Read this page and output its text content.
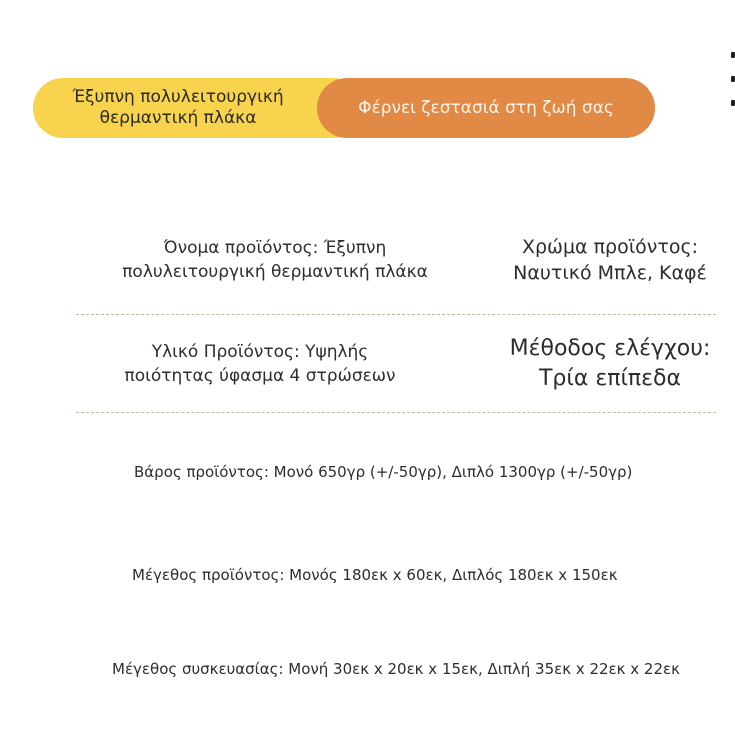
Έξυπνη πολυλειτουργική
θερμαντική πλάκα	Φέρνει ζεστασιά στη ζωή σας
Όνομα προϊόντος: Έξυπνη
πολυλειτουργική θερμαντική πλάκα
Χρώμα προϊόντος:
Ναυτικό Μπλε, Καφέ
Υλικό Προϊόντος: Υψηλής
ποιότητας ύφασμα 4 στρώσεων
Μέθοδος ελέγχου:
Τρία επίπεδα
Βάρος προϊόντος: Μονό 650γρ (+/-50γρ), Διπλό 1300γρ (+/-50γρ)
Μέγεθος προϊόντος: Μονός 180εκ x 60εκ, Διπλός 180εκ x 150εκ
Μέγεθος συσκευασίας: Μονή 30εκ x 20εκ x 15εκ, Διπλή 35εκ x 22εκ x 22εκ
